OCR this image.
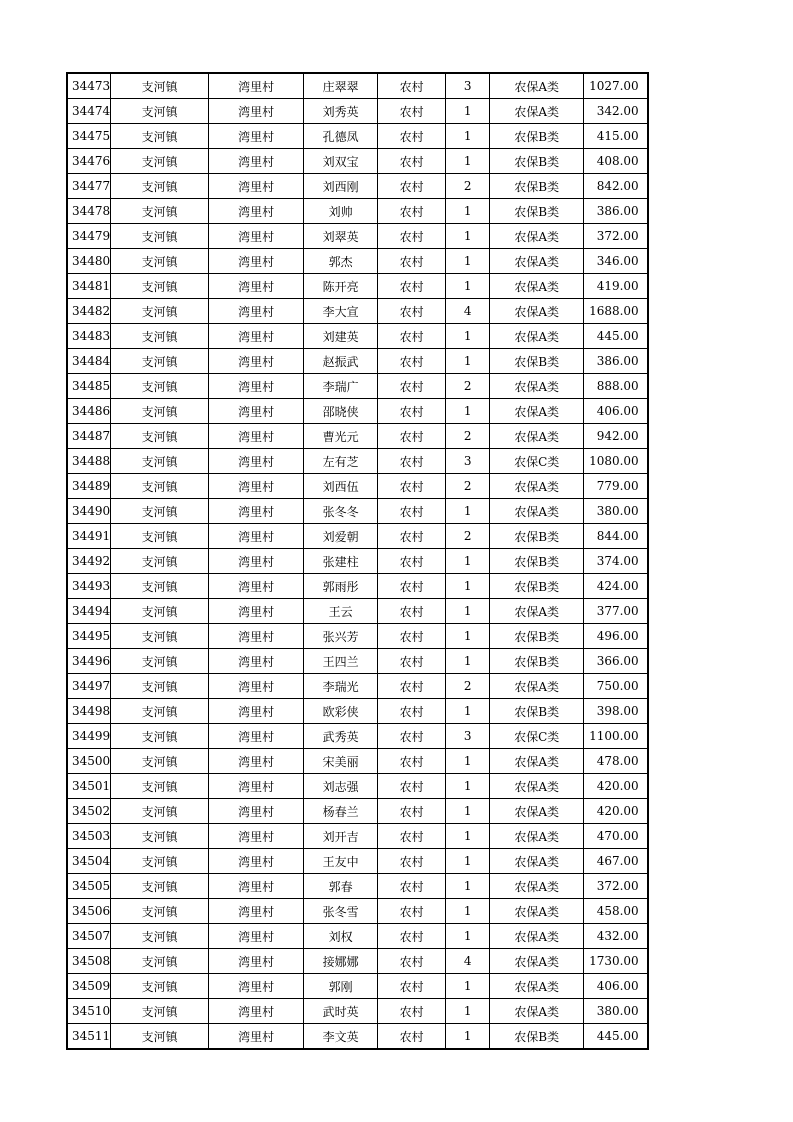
34473	支河镇	湾里村	庄翠翠	农村	3	农保A类	1027.00
34474	支河镇	湾里村	刘秀英	农村	1	农保A类	342.00
34475	支河镇	湾里村	孔德凤	农村	1	农保B类	415.00
34476	支河镇	湾里村	刘双宝	农村	1	农保B类	408.00
34477	支河镇	湾里村	刘西刚	农村	2	农保B类	842.00
34478	支河镇	湾里村	刘帅	农村	1	农保B类	386.00
34479	支河镇	湾里村	刘翠英	农村	1	农保A类	372.00
34480	支河镇	湾里村	郭杰	农村	1	农保A类	346.00
34481	支河镇	湾里村	陈开亮	农村	1	农保A类	419.00
34482	支河镇	湾里村	李大宣	农村	4	农保A类	1688.00
34483	支河镇	湾里村	刘建英	农村	1	农保A类	445.00
34484	支河镇	湾里村	赵振武	农村	1	农保B类	386.00
34485	支河镇	湾里村	李瑞广	农村	2	农保A类	888.00
34486	支河镇	湾里村	邵晓侠	农村	1	农保A类	406.00
34487	支河镇	湾里村	曹光元	农村	2	农保A类	942.00
34488	支河镇	湾里村	左有芝	农村	3	农保C类	1080.00
34489	支河镇	湾里村	刘西伍	农村	2	农保A类	779.00
34490	支河镇	湾里村	张冬冬	农村	1	农保A类	380.00
34491	支河镇	湾里村	刘爱朝	农村	2	农保B类	844.00
34492	支河镇	湾里村	张建柱	农村	1	农保B类	374.00
34493	支河镇	湾里村	郭雨彤	农村	1	农保B类	424.00
34494	支河镇	湾里村	王云	农村	1	农保A类	377.00
34495	支河镇	湾里村	张兴芳	农村	1	农保B类	496.00
34496	支河镇	湾里村	王四兰	农村	1	农保B类	366.00
34497	支河镇	湾里村	李瑞光	农村	2	农保A类	750.00
34498	支河镇	湾里村	欧彩侠	农村	1	农保B类	398.00
34499	支河镇	湾里村	武秀英	农村	3	农保C类	1100.00
34500	支河镇	湾里村	宋美丽	农村	1	农保A类	478.00
34501	支河镇	湾里村	刘志强	农村	1	农保A类	420.00
34502	支河镇	湾里村	杨春兰	农村	1	农保A类	420.00
34503	支河镇	湾里村	刘开吉	农村	1	农保A类	470.00
34504	支河镇	湾里村	王友中	农村	1	农保A类	467.00
34505	支河镇	湾里村	郭春	农村	1	农保A类	372.00
34506	支河镇	湾里村	张冬雪	农村	1	农保A类	458.00
34507	支河镇	湾里村	刘权	农村	1	农保A类	432.00
34508	支河镇	湾里村	接娜娜	农村	4	农保A类	1730.00
34509	支河镇	湾里村	郭刚	农村	1	农保A类	406.00
34510	支河镇	湾里村	武时英	农村	1	农保A类	380.00
34511	支河镇	湾里村	李文英	农村	1	农保B类	445.00
